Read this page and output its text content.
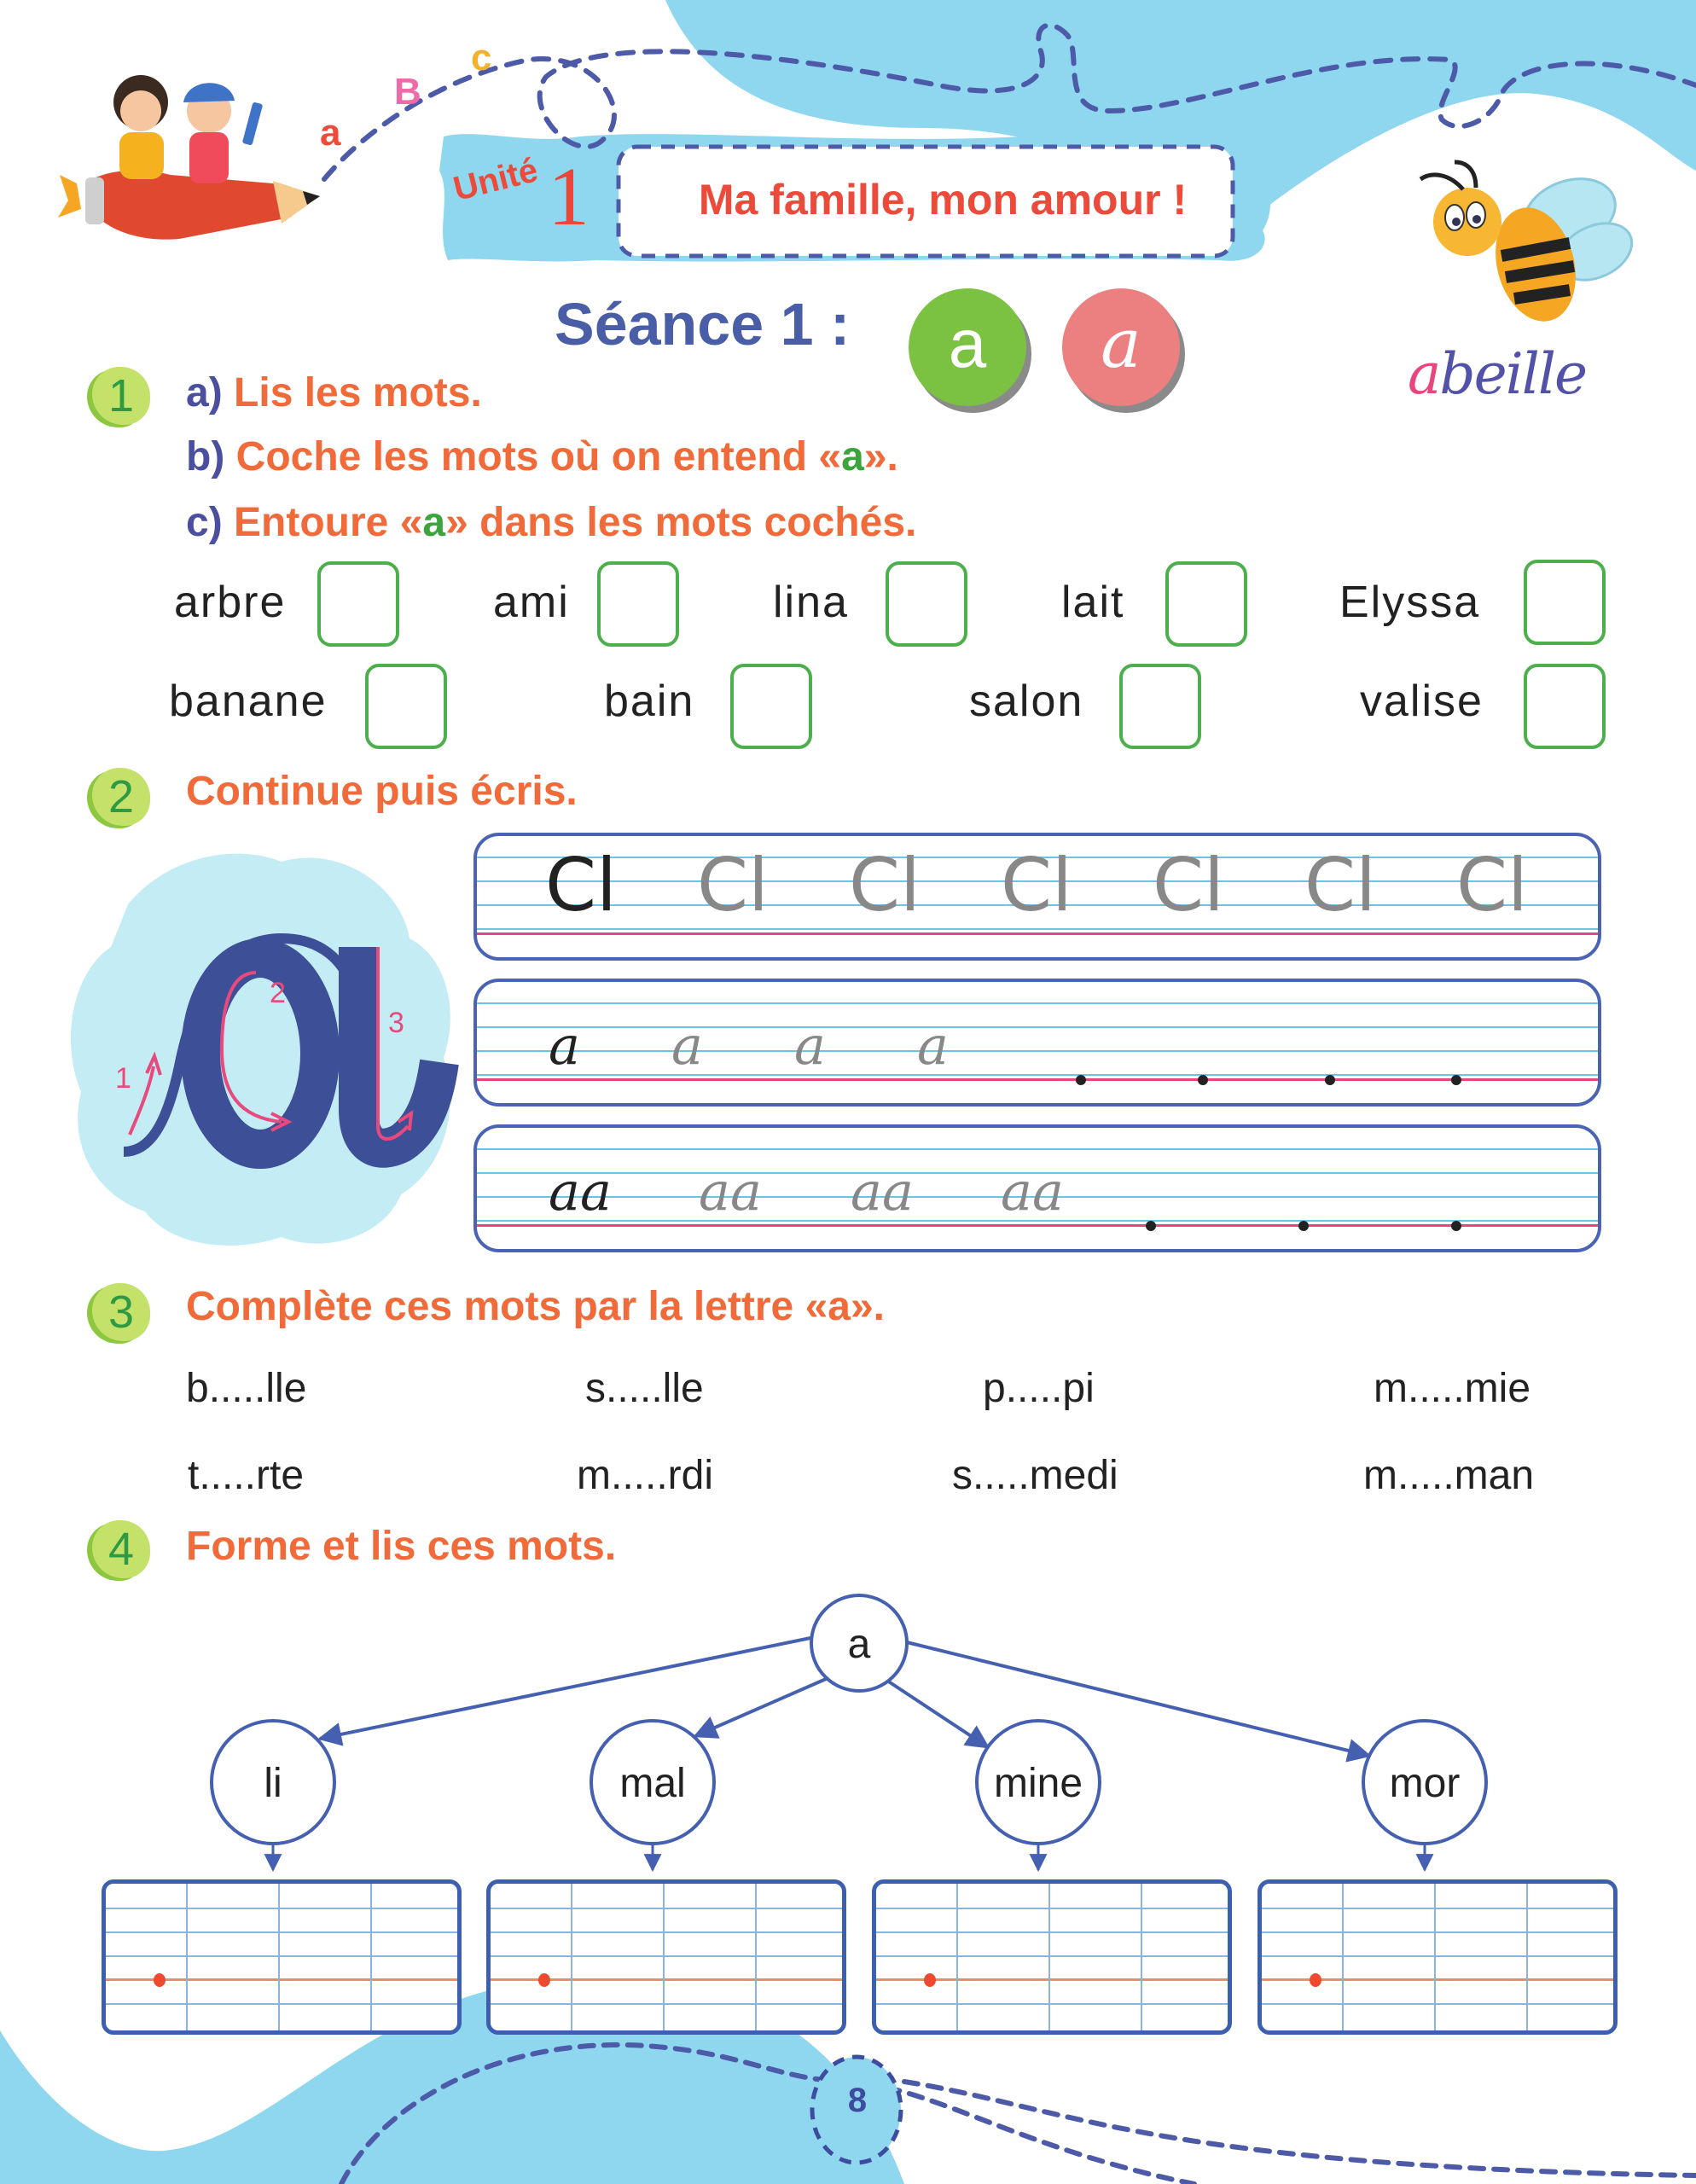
a
B
c
1
2
3
Unité 1	Ma famille, mon amour !
Séance 1 :	a	a	abeille
1	a) Lis les mots.
b) Coche les mots où on entend «a».
c) Entoure «a» dans les mots cochés.
arbre	ami	lina	lait	Elyssa
banane	bain	salon	valise
2	Continue puis écris.
Cl Cl Cl Cl Cl Cl Cl
a a a a
aa aa aa aa
3	Complète ces mots par la lettre «a».
b.....lle	s.....lle	p.....pi	m.....mie
t.....rte	m.....rdi	s.....medi	m.....man
4	Forme et lis ces mots.
a
li	mal	mine	mor
8
